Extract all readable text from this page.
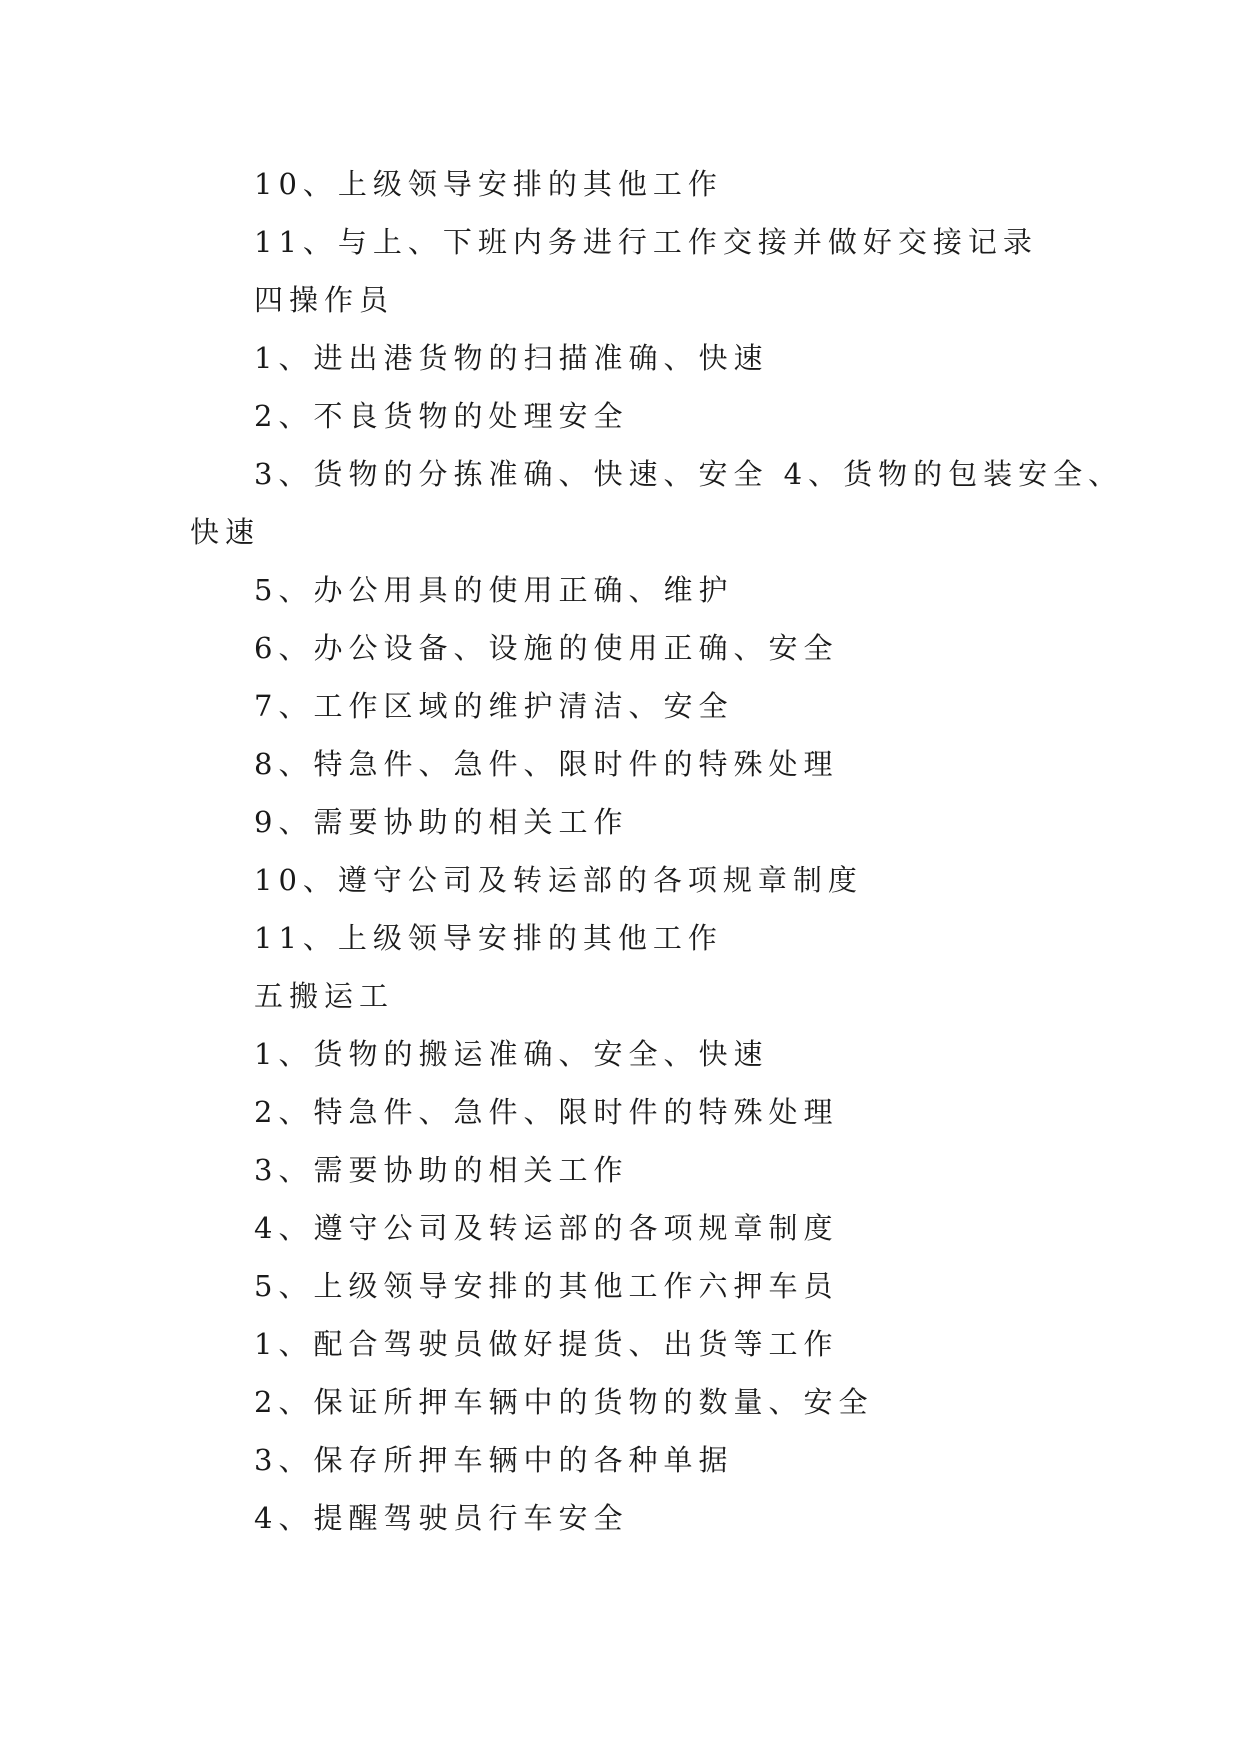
10、上级领导安排的其他工作
11、与上、下班内务进行工作交接并做好交接记录
四操作员
1、进出港货物的扫描准确、快速
2、不良货物的处理安全
3、货物的分拣准确、快速、安全 4、货物的包装安全、
快速
5、办公用具的使用正确、维护
6、办公设备、设施的使用正确、安全
7、工作区域的维护清洁、安全
8、特急件、急件、限时件的特殊处理
9、需要协助的相关工作
10、遵守公司及转运部的各项规章制度
11、上级领导安排的其他工作
五搬运工
1、货物的搬运准确、安全、快速
2、特急件、急件、限时件的特殊处理
3、需要协助的相关工作
4、遵守公司及转运部的各项规章制度
5、上级领导安排的其他工作六押车员
1、配合驾驶员做好提货、出货等工作
2、保证所押车辆中的货物的数量、安全
3、保存所押车辆中的各种单据
4、提醒驾驶员行车安全
